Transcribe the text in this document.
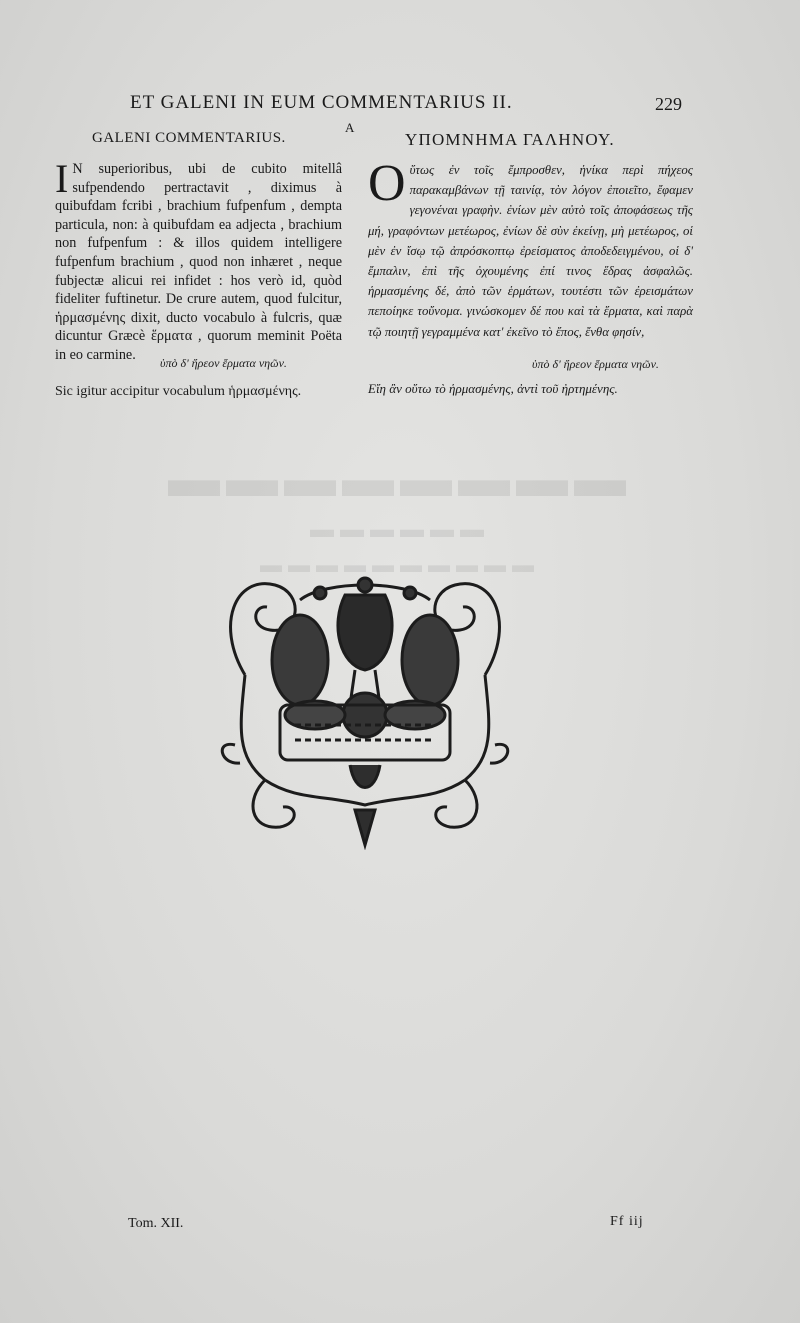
▬▬▬▬▬▬▬▬
▬▬▬▬▬▬
▬▬▬▬▬▬▬▬▬▬
ET GALENI IN EUM COMMENTARIUS II.	229
A
GALENI COMMENTARIUS.	ΥΠΟΜΝΗΜΑ ΓΑΛΗΝΟΥ.
I N superioribus, ubi de cubito mitellâ sufpendendo pertractavit , diximus à quibufdam fcribi , brachium fufpenfum , dempta particula, non: à quibufdam ea adjecta , brachium non fufpenfum : & illos quidem intelligere fufpenfum brachium , quod non inhæret , neque fubjectæ alicui rei infidet : hos verò id, quòd fideliter fuftinetur. De crure autem, quod fulcitur, ἡρμασμένης dixit, ducto vocabulo à fulcris, quæ dicuntur Græcè ἕρματα , quorum meminit Poëta in eo carmine.
Ο ὕτως ἐν τοῖς ἔμπροσθεν, ἡνίκα περὶ πήχεος παρακαμβάνων τῇ ταινίᾳ, τὸν λόγον ἐποιεῖτο, ἔφαμεν γεγονέναι γραφὴν. ἐνίων μὲν αὐτὸ τοῖς ἀποφάσεως τῆς μή, γραφόντων μετέωρος, ἐνίων δὲ σὺν ἐκείνῃ, μὴ μετέωρος, οἱ μὲν ἐν ἴσῳ τῷ ἀπρόσκοπτῳ ἐρείσματος ἀποδεδειγμένου, οἱ δ' ἔμπαλιν, ἐπὶ τῆς ὀχουμένης ἐπί τινος ἕδρας ἀσφαλῶς. ἡρμασμένης δέ, ἀπὸ τῶν ἑρμάτων, τουτέστι τῶν ἐρεισμάτων πεποίηκε τοὔνομα. γινώσκομεν δέ που καὶ τὰ ἕρματα, καὶ παρὰ τῷ ποιητῇ γεγραμμένα κατ' ἐκεῖνο τὸ ἔπος, ἔνθα φησίν,
ὑπὸ δ' ἤρεον ἕρματα νηῶν.
Sic igitur accipitur vocabulum ἡρμασμένης.
ὑπὸ δ' ἤρεον ἕρματα νηῶν.
Εἴη ἂν οὕτω τὸ ἡρμασμένης, ἀντὶ τοῦ ἠρτημένης.
Tom. XII.	Ff iij
